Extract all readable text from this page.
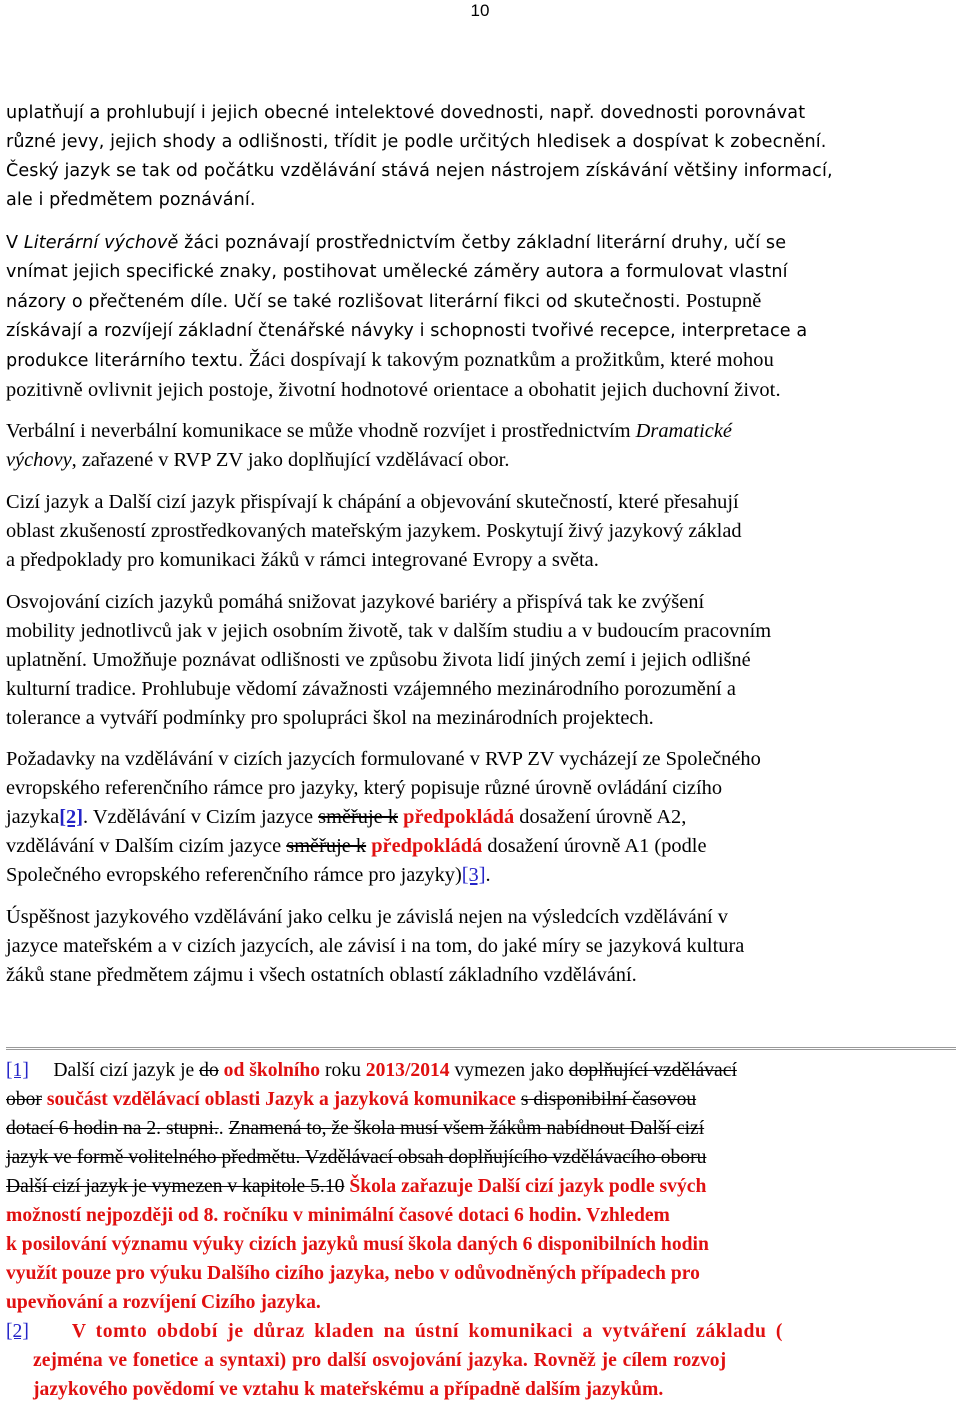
10
uplatňují a prohlubují i jejich obecné intelektové dovednosti, např. dovednosti porovnávat
různé jevy, jejich shody a odlišnosti, třídit je podle určitých hledisek a dospívat k zobecnění.
Český jazyk se tak od počátku vzdělávání stává nejen nástrojem získávání většiny informací,
ale i předmětem poznávání.
V Literární výchově žáci poznávají prostřednictvím četby základní literární druhy, učí se
vnímat jejich specifické znaky, postihovat umělecké záměry autora a formulovat vlastní
názory o přečteném díle. Učí se také rozlišovat literární fikci od skutečnosti. Postupně
získávají a rozvíjejí základní čtenářské návyky i schopnosti tvořivé recepce, interpretace a
produkce literárního textu. Žáci dospívají k takovým poznatkům a prožitkům, které mohou
pozitivně ovlivnit jejich postoje, životní hodnotové orientace a obohatit jejich duchovní život.
Verbální i neverbální komunikace se může vhodně rozvíjet i prostřednictvím Dramatické
výchovy, zařazené v RVP ZV jako doplňující vzdělávací obor.
Cizí jazyk a Další cizí jazyk přispívají k chápání a objevování skutečností, které přesahují
oblast zkušeností zprostředkovaných mateřským jazykem. Poskytují živý jazykový základ
a předpoklady pro komunikaci žáků v rámci integrované Evropy a světa.
Osvojování cizích jazyků pomáhá snižovat jazykové bariéry a přispívá tak ke zvýšení
mobility jednotlivců jak v jejich osobním životě, tak v dalším studiu a v budoucím pracovním
uplatnění. Umožňuje poznávat odlišnosti ve způsobu života lidí jiných zemí i jejich odlišné
kulturní tradice. Prohlubuje vědomí závažnosti vzájemného mezinárodního porozumění a
tolerance a vytváří podmínky pro spolupráci škol na mezinárodních projektech.
Požadavky na vzdělávání v cizích jazycích formulované v RVP ZV vycházejí ze Společného
evropského referenčního rámce pro jazyky, který popisuje různé úrovně ovládání cizího
jazyka[2]. Vzdělávání v Cizím jazyce směřuje k předpokládá dosažení úrovně A2,
vzdělávání v Dalším cizím jazyce směřuje k předpokládá dosažení úrovně A1 (podle
Společného evropského referenčního rámce pro jazyky)[3].
Úspěšnost jazykového vzdělávání jako celku je závislá nejen na výsledcích vzdělávání v
jazyce mateřském a v cizích jazycích, ale závisí i na tom, do jaké míry se jazyková kultura
žáků stane předmětem zájmu i všech ostatních oblastí základního vzdělávání.
[1]     Další cizí jazyk je do od školního roku 2013/2014 vymezen jako doplňující vzdělávací
obor součást vzdělávací oblasti Jazyk a jazyková komunikace s disponibilní časovou
dotací 6 hodin na 2. stupni.. Znamená to, že škola musí všem žákům nabídnout Další cizí
jazyk ve formě volitelného předmětu. Vzdělávací obsah doplňujícího vzdělávacího oboru
Další cizí jazyk je vymezen v kapitole 5.10 Škola zařazuje Další cizí jazyk podle svých
možností nejpozději od 8. ročníku v minimální časové dotaci 6 hodin. Vzhledem
k posilování významu výuky cizích jazyků musí škola daných 6 disponibilních hodin
využít pouze pro výuku Dalšího cizího jazyka, nebo v odůvodněných případech pro
upevňování a rozvíjení Cizího jazyka.
[2] V tomto období je důraz kladen na ústní komunikaci a vytváření základu (
zejména ve fonetice a syntaxi) pro další osvojování jazyka. Rovněž je cílem rozvoj
jazykového povědomí ve vztahu k mateřskému a případně dalším jazykům.
